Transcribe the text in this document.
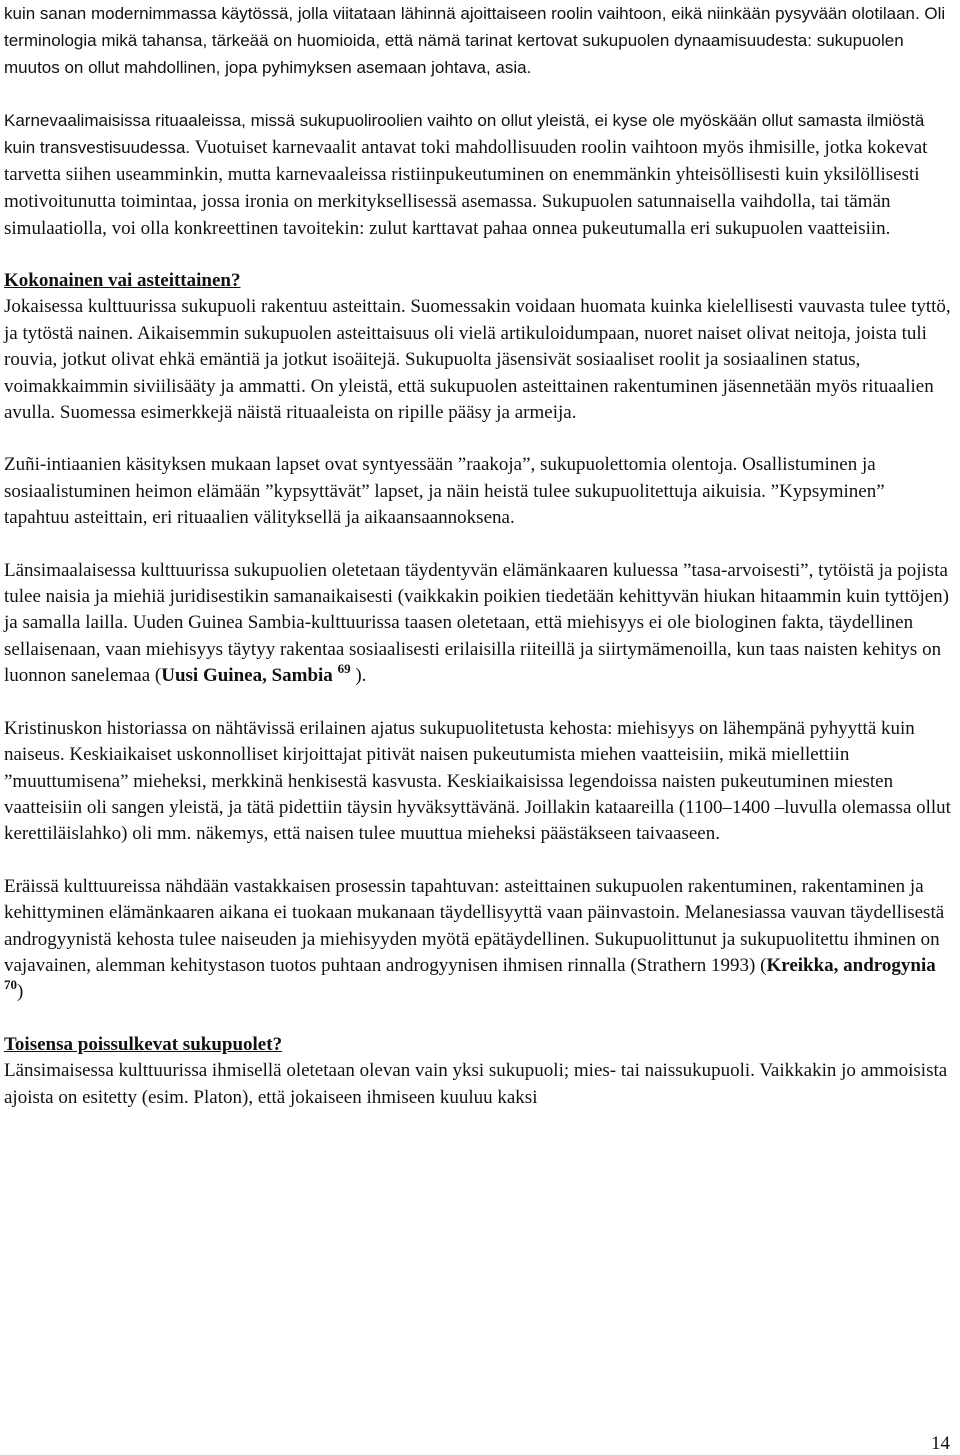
kuin sanan modernimmassa käytössä, jolla viitataan lähinnä ajoittaiseen roolin vaihtoon, eikä niinkään pysyvään olotilaan. Oli terminologia mikä tahansa, tärkeää on huomioida, että nämä tarinat kertovat sukupuolen dynaamisuudesta: sukupuolen muutos on ollut mahdollinen, jopa pyhimyksen asemaan johtava, asia.

Karnevaalimaisissa rituaaleissa, missä sukupuoliroolien vaihto on ollut yleistä, ei kyse ole myöskään ollut samasta ilmiöstä kuin transvestisuudessa. Vuotuiset karnevaalit antavat toki mahdollisuuden roolin vaihtoon myös ihmisille, jotka kokevat tarvetta siihen useamminkin, mutta karnevaaleissa ristiinpukeutuminen on enemmänkin yhteisöllisesti kuin yksilöllisesti motivoitunutta toimintaa, jossa ironia on merkityksellisessä asemassa. Sukupuolen satunnaisella vaihdolla, tai tämän simulaatiolla, voi olla konkreettinen tavoitekin: zulut karttavat pahaa onnea pukeutumalla eri sukupuolen vaatteisiin.

Kokonainen vai asteittainen?

Jokaisessa kulttuurissa sukupuoli rakentuu asteittain. Suomessakin voidaan huomata kuinka kielellisesti vauvasta tulee tyttö, ja tytöstä nainen. Aikaisemmin sukupuolen asteittaisuus oli vielä artikuloidumpaan, nuoret naiset olivat neitoja, joista tuli rouvia, jotkut olivat ehkä emäntiä ja jotkut isoäitejä. Sukupuolta jäsensivät sosiaaliset roolit ja sosiaalinen status, voimakkaimmin siviilisääty ja ammatti. On yleistä, että sukupuolen asteittainen rakentuminen jäsennetään myös rituaalien avulla. Suomessa esimerkkejä näistä rituaaleista on ripille pääsy ja armeija.

Zuñi-intiaanien käsityksen mukaan lapset ovat syntyessään ”raakoja”, sukupuolettomia olentoja. Osallistuminen ja sosiaalistuminen heimon elämään ”kypsyttävät” lapset, ja näin heistä tulee sukupuolitettuja aikuisia. ”Kypsyminen” tapahtuu asteittain, eri rituaalien välityksellä ja aikaansaannoksena.

Länsimaalaisessa kulttuurissa sukupuolien oletetaan täydentyvän elämänkaaren kuluessa ”tasa-arvoisesti”, tytöistä ja pojista tulee naisia ja miehiä juridisestikin samanaikaisesti (vaikkakin poikien tiedetään kehittyvän hiukan hitaammin kuin tyttöjen) ja samalla lailla. Uuden Guinea Sambia-kulttuurissa taasen oletetaan, että miehisyys ei ole biologinen fakta, täydellinen sellaisenaan, vaan miehisyys täytyy rakentaa sosiaalisesti erilaisilla riiteillä ja siirtymämenoilla, kun taas naisten kehitys on luonnon sanelemaa (Uusi Guinea, Sambia $^{69}$ ).

Kristinuskon historiassa on nähtävissä erilainen ajatus sukupuolitetusta kehosta: miehisyys on lähempänä pyhyyttä kuin naiseus. Keskiaikaiset uskonnolliset kirjoittajat pitivät naisen pukeutumista miehen vaatteisiin, mikä miellettiin ”muuttumisena” mieheksi, merkkinä henkisestä kasvusta. Keskiaikaisissa legendoissa naisten pukeutuminen miesten vaatteisiin oli sangen yleistä, ja tätä pidettiin täysin hyväksyttävänä. Joillakin kataareilla (1100–1400 –luvulla olemassa ollut kerettiläislahko) oli mm. näkemys, että naisen tulee muuttua mieheksi päästäkseen taivaaseen.

Eräissä kulttuureissa nähdään vastakkaisen prosessin tapahtuvan: asteittainen sukupuolen rakentuminen, rakentaminen ja kehittyminen elämänkaaren aikana ei tuokaan mukanaan täydellisyyttä vaan päinvastoin. Melanesiassa vauvan täydellisestä androgyynistä kehosta tulee naiseuden ja miehisyyden myötä epätäydellinen. Sukupuolittunut ja sukupuolitettu ihminen on vajavainen, alemman kehitystason tuotos puhtaan androgyynisen ihmisen rinnalla (Strathern 1993) (Kreikka, androgynia $^{70}$)

Toisensa poissulkevat sukupuolet?

Länsimaisessa kulttuurissa ihmisellä oletetaan olevan vain yksi sukupuoli; mies- tai naissukupuoli. Vaikkakin jo ammoisista ajoista on esitetty (esim. Platon), että jokaiseen ihmiseen kuuluu kaksi

14
